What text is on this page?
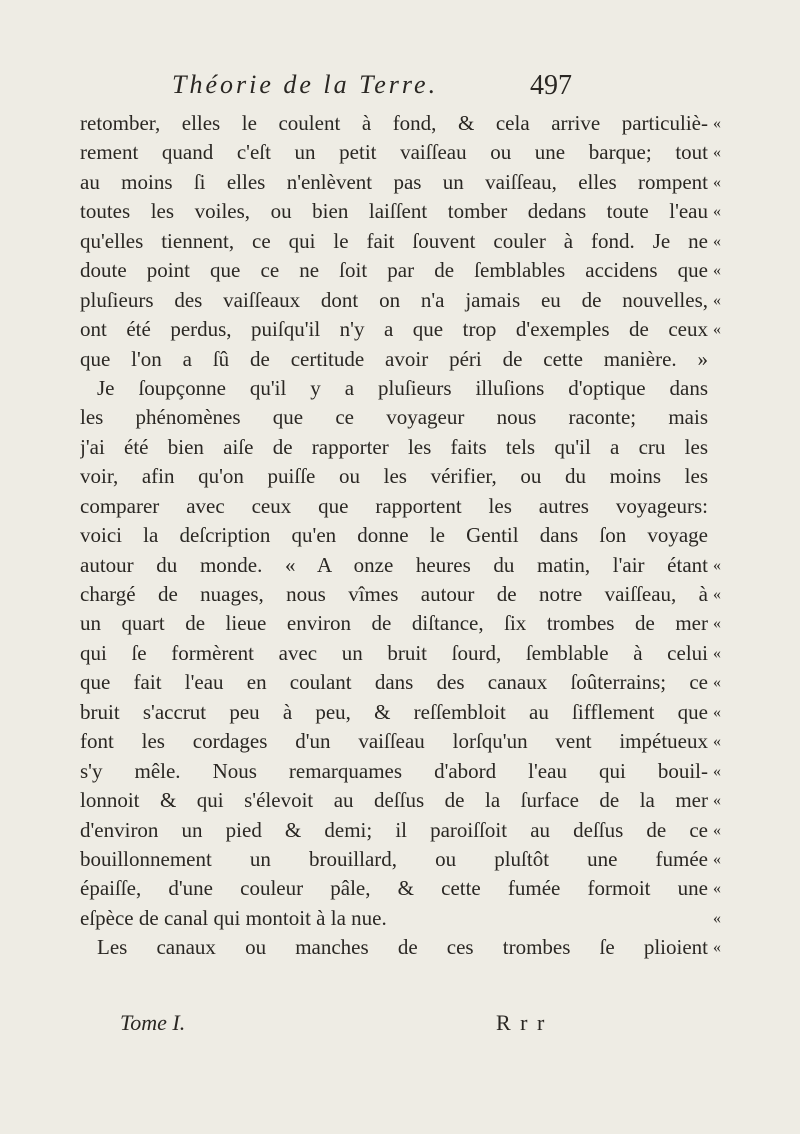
Théorie de la Terre.	497
retomber, elles le coulent à fond, & cela arrive particuliè- «
rement quand c'eſt un petit vaiſſeau ou une barque; tout «
au moins ſi elles n'enlèvent pas un vaiſſeau, elles rompent «
toutes les voiles, ou bien laiſſent tomber dedans toute l'eau «
qu'elles tiennent, ce qui le fait ſouvent couler à fond. Je ne «
doute point que ce ne ſoit par de ſemblables accidens que «
pluſieurs des vaiſſeaux dont on n'a jamais eu de nouvelles, «
ont été perdus, puiſqu'il n'y a que trop d'exemples de ceux «
que l'on a ſû de certitude avoir péri de cette manière. »
Je ſoupçonne qu'il y a pluſieurs illuſions d'optique dans
les phénomènes que ce voyageur nous raconte; mais
j'ai été bien aiſe de rapporter les faits tels qu'il a cru les
voir, afin qu'on puiſſe ou les vérifier, ou du moins les
comparer avec ceux que rapportent les autres voyageurs:
voici la deſcription qu'en donne le Gentil dans ſon voyage
autour du monde. « A onze heures du matin, l'air étant «
chargé de nuages, nous vîmes autour de notre vaiſſeau, à «
un quart de lieue environ de diſtance, ſix trombes de mer «
qui ſe formèrent avec un bruit ſourd, ſemblable à celui «
que fait l'eau en coulant dans des canaux ſoûterrains; ce «
bruit s'accrut peu à peu, & reſſembloit au ſifflement que «
font les cordages d'un vaiſſeau lorſqu'un vent impétueux «
s'y mêle. Nous remarquames d'abord l'eau qui bouil- «
lonnoit & qui s'élevoit au deſſus de la ſurface de la mer «
d'environ un pied & demi; il paroiſſoit au deſſus de ce «
bouillonnement un brouillard, ou pluſtôt une fumée «
épaiſſe, d'une couleur pâle, & cette fumée formoit une «
eſpèce de canal qui montoit à la nue.	«
Les canaux ou manches de ces trombes ſe plioient «
Tome I.	R r r
